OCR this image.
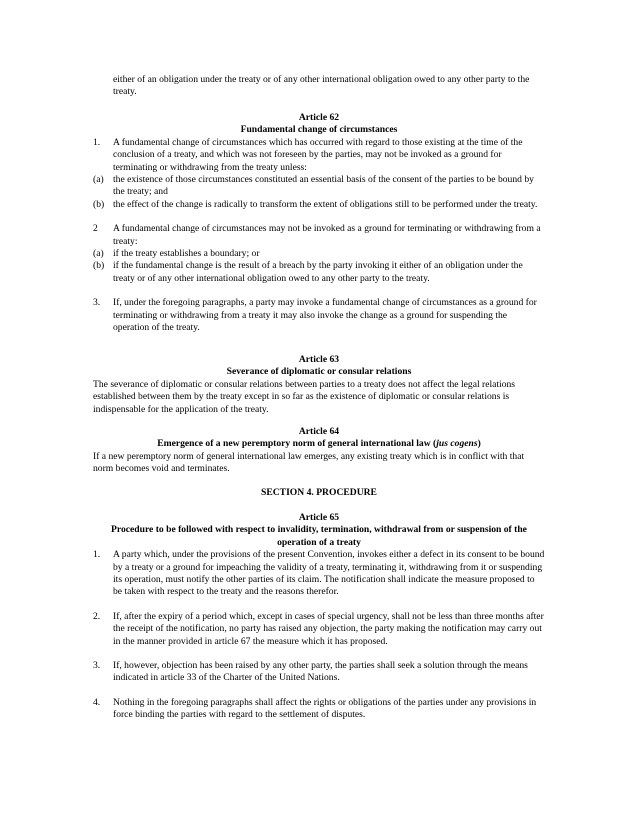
either of an obligation under the treaty or of any other international obligation owed to any other party to the treaty.

Article 62

Fundamental change of circumstances

1. A fundamental change of circumstances which has occurred with regard to those existing at the time of the conclusion of a treaty, and which was not foreseen by the parties, may not be invoked as a ground for terminating or withdrawing from the treaty unless:
(a) the existence of those circumstances constituted an essential basis of the consent of the parties to be bound by the treaty; and
(b) the effect of the change is radically to transform the extent of obligations still to be performed under the treaty.
2 A fundamental change of circumstances may not be invoked as a ground for terminating or withdrawing from a treaty:
(a) if the treaty establishes a boundary; or
(b) if the fundamental change is the result of a breach by the party invoking it either of an obligation under the treaty or of any other international obligation owed to any other party to the treaty.
3. If, under the foregoing paragraphs, a party may invoke a fundamental change of circumstances as a ground for terminating or withdrawing from a treaty it may also invoke the change as a ground for suspending the operation of the treaty.

Article 63

Severance of diplomatic or consular relations

The severance of diplomatic or consular relations between parties to a treaty does not affect the legal relations established between them by the treaty except in so far as the existence of diplomatic or consular relations is indispensable for the application of the treaty.

Article 64

Emergence of a new peremptory norm of general international law (jus cogens)

If a new peremptory norm of general international law emerges, any existing treaty which is in conflict with that norm becomes void and terminates.

SECTION 4. PROCEDURE

Article 65

Procedure to be followed with respect to invalidity, termination, withdrawal from or suspension of the operation of a treaty

1. A party which, under the provisions of the present Convention, invokes either a defect in its consent to be bound by a treaty or a ground for impeaching the validity of a treaty, terminating it, withdrawing from it or suspending its operation, must notify the other parties of its claim. The notification shall indicate the measure proposed to be taken with respect to the treaty and the reasons therefor.
2. If, after the expiry of a period which, except in cases of special urgency, shall not be less than three months after the receipt of the notification, no party has raised any objection, the party making the notification may carry out in the manner provided in article 67 the measure which it has proposed.
3. If, however, objection has been raised by any other party, the parties shall seek a solution through the means indicated in article 33 of the Charter of the United Nations.
4. Nothing in the foregoing paragraphs shall affect the rights or obligations of the parties under any provisions in force binding the parties with regard to the settlement of disputes.
